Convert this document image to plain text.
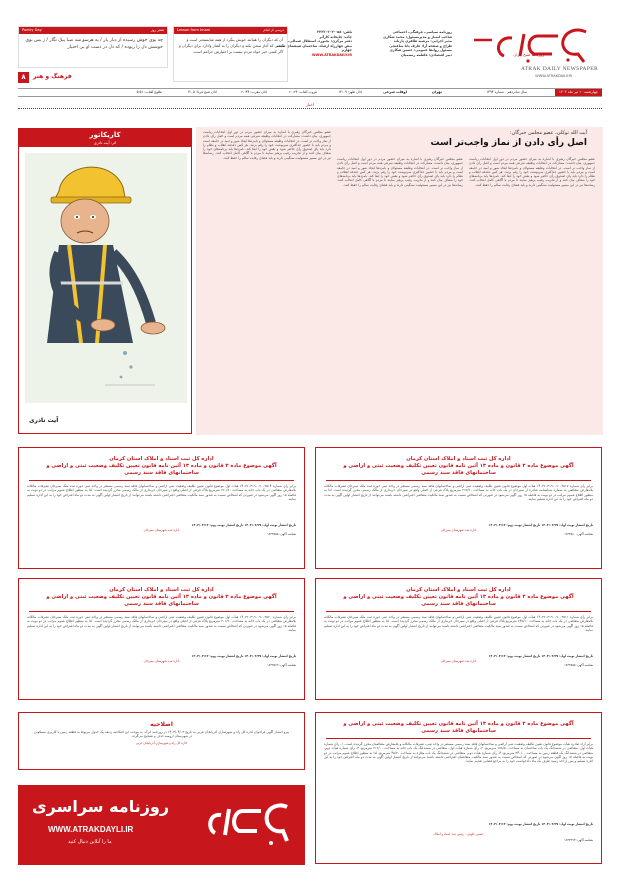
روزنامه صبح ایران
ATRAK DAILY NEWSPAPER
WWW.ATRAKDAILY.IR
روزنامه سیاسی، فرهنگی، اجتماعی
صاحب امتیاز و مدیرمسئول: محمد شکاری
مدیر اجرایی: مرضیه طاهری پارتاند
طراح و صفحه آرا: عارف یاتا ساعتچی
مسئول روابط عمومی: حسین شکاری
دبیر اقتصادی: فاطمه رستمیان
تلفن: ۰۵۸-۳۲۲۲۰۳۰۳
چاپ: چاپخانه کارآثر
دفتر مرکزی: بجنورد، استقلال شمالی،
نبش چهارراه ارشاد، ساختمان شیشه‌ای طبقه چهارم
WWW.ATRAKDAILY.IR
Lesson from Imam	درسی از امام
آن که دیگران را همانند خویش بنگرد از همه شایسته‌تر است و کسی که آغاز سخن نکند و دیگران را به گفتار وادارد برای دیگران و اگر کسی خیر خواه مردم نیست بر اختیارش حرامم است.
Poetry Day	شعر روز
چه بوی خوش رسیده از دیار یار / به هرسو شد صبا پیک نگار / ز بس بوی خوشش دل را ربوده / که دل در دست او بی اختیار
۸	فرهنگ و هنر
چهارشنبه ۱۰ تیر ماه ۱۴۰۳
سال شانزدهم - شماره ۱۴۹۴
تهران
اوقات شرعی
اذان ظهر: ۱۳:۰۹
غروب آفتاب: ۲۰:۲۳
اذان مغرب: ۲۰:۴۴
اذان صبح فردا: ۴:۰۵
طلوع آفتاب: ۵:۵۱
اخبار
آیت الله توکلی، عضو مجلس خبرگان:
اصل رأی دادن از نماز واجب‌تر است
عضو مجلس خبرگان رهبری با اشاره به میزان حضور مردم در دور اول انتخابات ریاست جمهوری، بیان داشت: مشارکت در انتخابات وظیفه شرعی همه مردم است و اصل رأی دادن از نماز واجب تر است. در انتخابات وظیفه مسئولان و نامزدها ایجاد شور و امید در جامعه است و مردم باید با حضور حداکثری سرنوشت خود را رقم بزنند. هر کس دغدغه انقلاب و نظام را دارد باید پای صندوق رأی حاضر شود و نقش خود را ایفا کند. نامزدها باید برنامه‌های خود را شفاف بیان کنند و از تخریب رقیب پرهیز نمایند تا مردم با آگاهی کامل انتخاب کنند. رسانه‌ها نیز در این مسیر مسئولیت سنگینی دارند و باید فضای رقابت سالم را حفظ کنند.
عضو مجلس خبرگان رهبری با اشاره به میزان حضور مردم در دور اول انتخابات ریاست جمهوری، بیان داشت: مشارکت در انتخابات وظیفه شرعی همه مردم است و اصل رأی دادن از نماز واجب تر است. در انتخابات وظیفه مسئولان و نامزدها ایجاد شور و امید در جامعه است و مردم باید با حضور حداکثری سرنوشت خود را رقم بزنند. هر کس دغدغه انقلاب و نظام را دارد باید پای صندوق رأی حاضر شود و نقش خود را ایفا کند. نامزدها باید برنامه‌های خود را شفاف بیان کنند و از تخریب رقیب پرهیز نمایند تا مردم با آگاهی کامل انتخاب کنند. رسانه‌ها نیز در این مسیر مسئولیت سنگینی دارند و باید فضای رقابت سالم را حفظ کنند.
عضو مجلس خبرگان رهبری با اشاره به میزان حضور مردم در دور اول انتخابات ریاست جمهوری، بیان داشت: مشارکت در انتخابات وظیفه شرعی همه مردم است و اصل رأی دادن از نماز واجب تر است. در انتخابات وظیفه مسئولان و نامزدها ایجاد شور و امید در جامعه است و مردم باید با حضور حداکثری سرنوشت خود را رقم بزنند. هر کس دغدغه انقلاب و نظام را دارد باید پای صندوق رأی حاضر شود و نقش خود را ایفا کند. نامزدها باید برنامه‌های خود را شفاف بیان کنند و از تخریب رقیب پرهیز نمایند تا مردم با آگاهی کامل انتخاب کنند. رسانه‌ها نیز در این مسیر مسئولیت سنگینی دارند و باید فضای رقابت سالم را حفظ کنند.
کاریکاتور
اثر: آیت نادری
آیت نادری
اداره کل ثبت اسناد و املاک استان کرمان
آگهی موضوع ماده ۳ قانون و ماده ۱۳ آئین نامه قانون تعیین تکلیف وضعیت ثبتی و اراضی و ساختمانهای فاقد سند رسمی
برابر رأی شماره ۱۴۰۳۶۰۳۱۹۰۰۹۰۰۳۵۱۷ هیأت اول موضوع قانون تعیین تکلیف وضعیت ثبتی اراضی و ساختمانهای فاقد سند رسمی مستقر در واحد ثبتی حوزه ثبت ملک سیرجان تصرفات مالکانه بلامعارض متقاضی به شماره شناسنامه صادره از سیرجان در یک باب خانه به مساحت ۲۶۷/۶۰ مترمربع پلاک فرعی از اصلی واقع در سیرجان خریداری از مالک رسمی محرز گردیده است. لذا به منظور اطلاع عموم مراتب در دو نوبت به فاصله ۱۵ روز آگهی می‌شود در صورتی که اشخاص نسبت به صدور سند مالکیت متقاضی اعتراضی داشته باشند می‌توانند از تاریخ انتشار اولین آگهی به مدت دو ماه اعتراض خود را به این اداره تسلیم نمایند.
تاریخ انتشار نوبت اول: ۱۴۰۳/۰۳/۲۹ تاریخ انتشار نوبت دوم: ۱۴۰۳/۰۴/۱۳
اداره ثبت شهرستان سیرجان
شناسه آگهی: ۱۶۳۳۵۶۰
اداره کل ثبت اسناد و املاک استان کرمان
آگهی موضوع ماده ۳ قانون و ماده ۱۳ آئین نامه قانون تعیین تکلیف وضعیت ثبتی و اراضی و ساختمانهای فاقد سند رسمی
برابر رأی شماره ۱۴۰۳۶۰۳۱۹۰۰۹۰۰۳۵۱۴ هیأت اول موضوع قانون تعیین تکلیف وضعیت ثبتی اراضی و ساختمانهای فاقد سند رسمی مستقر در واحد ثبتی حوزه ثبت ملک سیرجان تصرفات مالکانه بلامعارض متقاضی در یک باب خانه به مساحت ۲۲۰/۸۰ مترمربع پلاک فرعی از اصلی واقع در سیرجان خریداری از مالک رسمی محرز گردیده است. لذا به منظور اطلاع عموم مراتب در دو نوبت به فاصله ۱۵ روز آگهی می‌شود در صورتی که اشخاص نسبت به صدور سند مالکیت متقاضی اعتراضی داشته باشند می‌توانند از تاریخ انتشار اولین آگهی به مدت دو ماه اعتراض خود را به این اداره تسلیم نمایند.
تاریخ انتشار نوبت اول: ۱۴۰۳/۰۳/۲۹ تاریخ انتشار نوبت دوم: ۱۴۰۳/۰۴/۱۳
اداره ثبت شهرستان سیرجان
شناسه آگهی: ۱۶۳۳۵۵۸
اداره کل ثبت اسناد و املاک استان کرمان
آگهی موضوع ماده ۳ قانون و ماده ۱۳ آئین نامه قانون تعیین تکلیف وضعیت ثبتی و اراضی و ساختمانهای فاقد سند رسمی
برابر رأی شماره ۱۴۰۳۶۰۳۱۹۰۰۹۰۰۳۵۱۱ هیأت اول موضوع قانون تعیین تکلیف وضعیت ثبتی اراضی و ساختمانهای فاقد سند رسمی مستقر در واحد ثبتی حوزه ثبت ملک سیرجان تصرفات مالکانه بلامعارض متقاضی در یک باب خانه به مساحت ۲۴۵/۱۰ مترمربع پلاک فرعی از اصلی واقع در سیرجان خریداری از مالک رسمی محرز گردیده است. لذا به منظور اطلاع عموم مراتب در دو نوبت به فاصله ۱۵ روز آگهی می‌شود در صورتی که اشخاص نسبت به صدور سند مالکیت متقاضی اعتراضی داشته باشند می‌توانند از تاریخ انتشار اولین آگهی به مدت دو ماه اعتراض خود را به این اداره تسلیم نمایند.
تاریخ انتشار نوبت اول: ۱۴۰۳/۰۳/۲۹ تاریخ انتشار نوبت دوم: ۱۴۰۳/۰۴/۱۳
اداره ثبت شهرستان سیرجان
شناسه آگهی: ۱۶۳۳۵۵۵
اداره کل ثبت اسناد و املاک استان کرمان
آگهی موضوع ماده ۳ قانون و ماده ۱۳ آئین نامه قانون تعیین تکلیف وضعیت ثبتی و اراضی و ساختمانهای فاقد سند رسمی
برابر رأی شماره ۱۴۰۳۶۰۳۱۹۰۰۹۰۰۳۵۲۰ هیأت اول موضوع قانون تعیین تکلیف وضعیت ثبتی اراضی و ساختمانهای فاقد سند رسمی مستقر در واحد ثبتی حوزه ثبت ملک سیرجان تصرفات مالکانه بلامعارض متقاضی در یک باب خانه به مساحت ۳۰۱/۲۰ مترمربع پلاک فرعی از اصلی واقع در سیرجان خریداری از مالک رسمی محرز گردیده است. لذا به منظور اطلاع عموم مراتب در دو نوبت به فاصله ۱۵ روز آگهی می‌شود در صورتی که اشخاص نسبت به صدور سند مالکیت متقاضی اعتراضی داشته باشند می‌توانند از تاریخ انتشار اولین آگهی به مدت دو ماه اعتراض خود را به این اداره تسلیم نمایند.
تاریخ انتشار نوبت اول: ۱۴۰۳/۰۳/۲۹ تاریخ انتشار نوبت دوم: ۱۴۰۳/۰۴/۱۳
اداره ثبت شهرستان سیرجان
شناسه آگهی: ۱۶۳۳۵۶۲
آگهی موضوع ماده ۳ قانون و ماده ۱۳ آئین نامه قانون تعیین تکلیف وضعیت ثبتی و اراضی و ساختمانهای فاقد سند رسمی
برابر آراء صادره هیأت موضوع قانون تعیین تکلیف وضعیت ثبتی اراضی و ساختمانهای فاقد سند رسمی مستقر در واحد ثبتی، تصرفات مالکانه و بلامعارض متقاضیان محرز گردیده است. ۱- رأی شماره هیأت اول، متقاضی در ششدانگ یک باب ساختمان به مساحت ۱۸۸/۵۰ مترمربع. ۲- رأی شماره هیأت اول، متقاضی در ششدانگ یک باب خانه به مساحت ۲۱۲/۰۰ مترمربع. ۳- رأی شماره هیأت دوم، متقاضی در ششدانگ یک قطعه زمین به مساحت ۳۴۰/۰۰ مترمربع. ۴- رأی شماره هیأت دوم، متقاضی در ششدانگ یک باب مغازه به مساحت ۴۵/۲۰ مترمربع. لذا به منظور اطلاع عموم مراتب در دو نوبت به فاصله ۱۵ روز آگهی می‌شود در صورتی که اشخاص نسبت به صدور سند مالکیت متقاضیان اعتراضی داشته باشند می‌توانند از تاریخ انتشار اولین آگهی به مدت دو ماه اعتراض خود را به این اداره تسلیم و پس از اخذ رسید ظرف یک ماه دادخواست خود را به مراجع قضایی تقدیم نمایند.
تاریخ انتشار نوبت اول: ۱۴۰۳/۰۳/۲۹ تاریخ انتشار نوبت دوم: ۱۴۰۳/۰۴/۱۳
حسین جلوئی - رئیس ثبت اسناد و املاک
شناسه آگهی: ۱۶۳۳۹۹۳
اصلاحیه
پیرو انتشار آگهی فراخوان اداره کل راه و شهرسازی آذربایجان غربی به تاریخ ۱۴۰۳/۰۴/۰۳ در روزنامه اترک، به موجب این اصلاحیه ردیف یک جدول مربوط به قطعه زمین با کاربری مسکونی در شهرستان ارومیه حذف و تصحیح می‌گردد.
اداره کل راه و شهرسازی آذربایجان غربی
روزنامه سراسری
WWW.ATRAKDAYLI.IR
ما را آنلاین دنبال کنید
